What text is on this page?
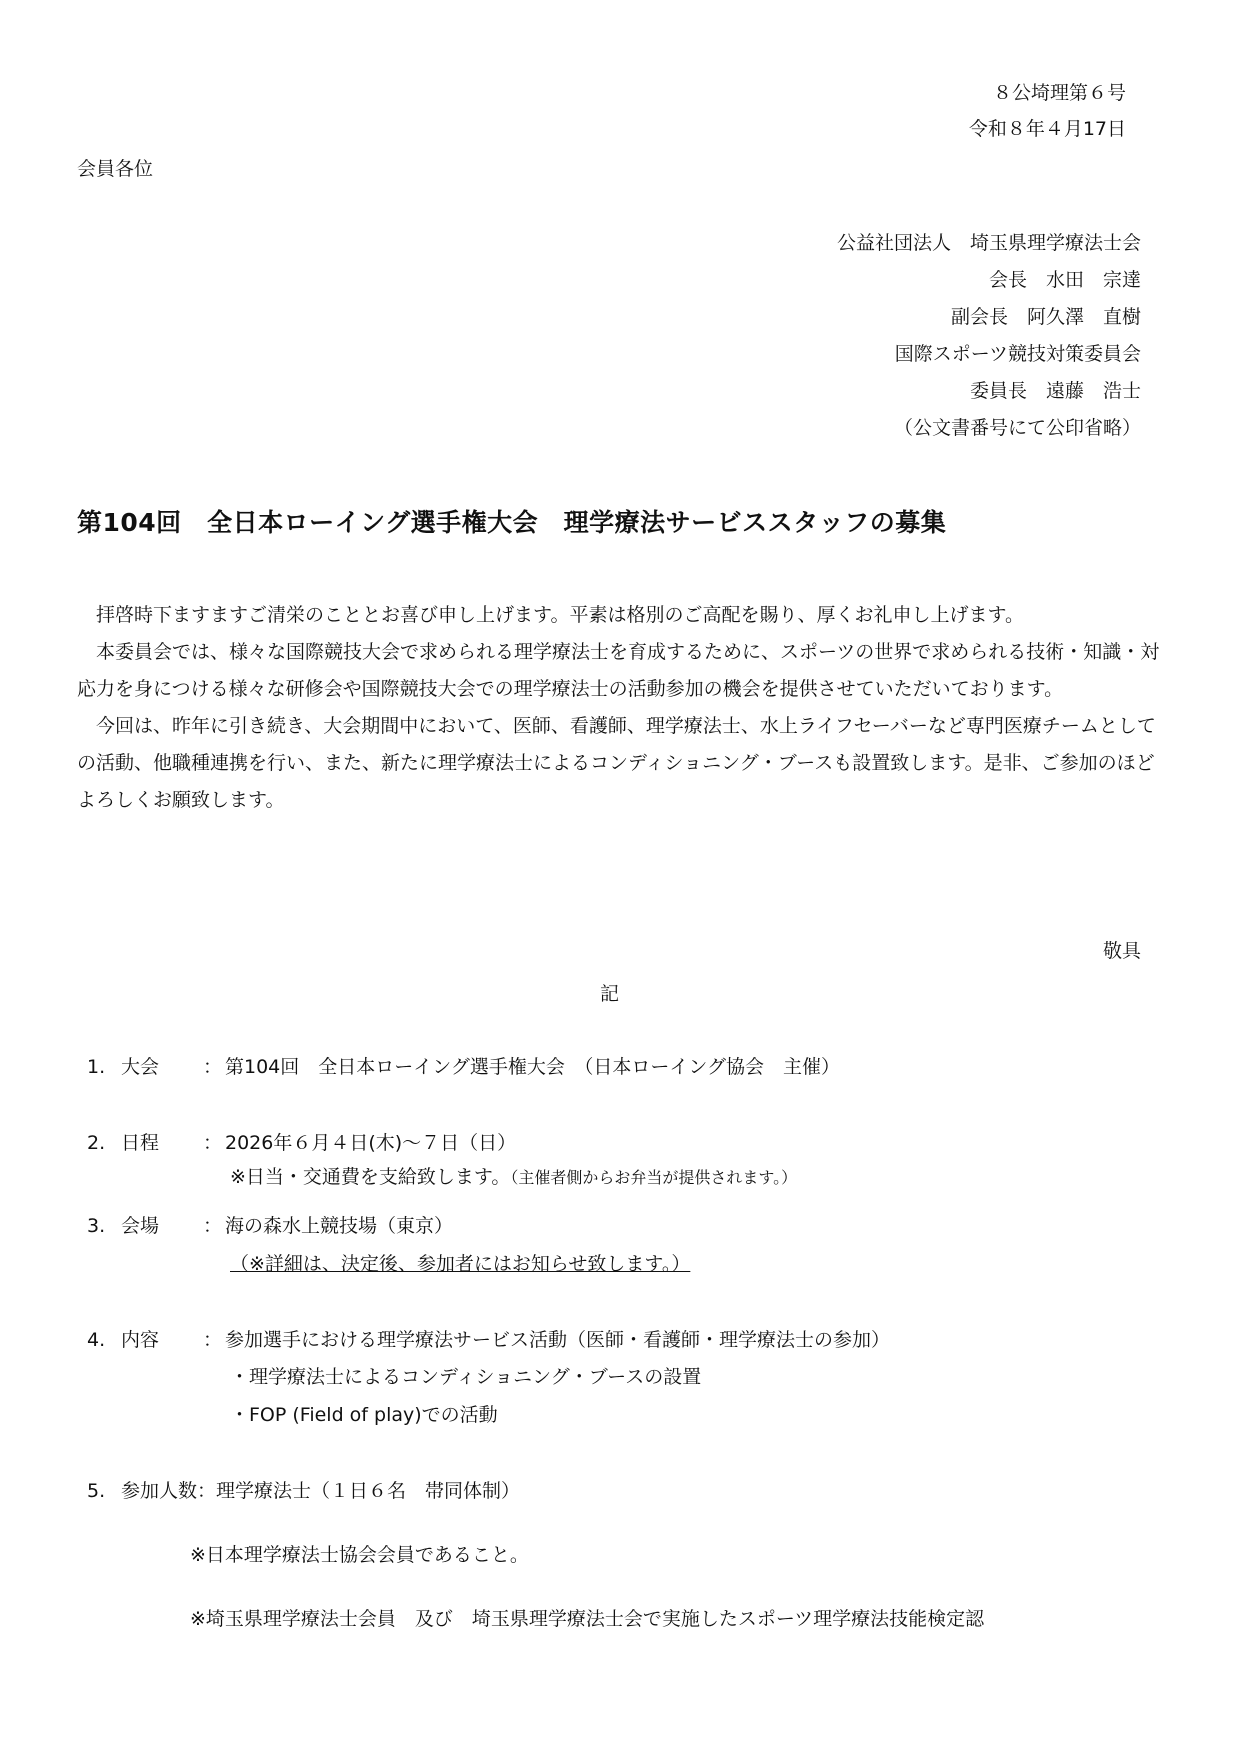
８公埼理第６号
令和８年４月17日
会員各位
公益社団法人　埼玉県理学療法士会
会長　水田　宗達
副会長　阿久澤　直樹
国際スポーツ競技対策委員会
委員長　遠藤　浩士
（公文書番号にて公印省略）
第104回　全日本ローイング選手権大会　理学療法サービススタッフの募集

　拝啓時下ますますご清栄のこととお喜び申し上げます。平素は格別のご高配を賜り、厚くお礼申し上げます。

　本委員会では、様々な国際競技大会で求められる理学療法士を育成するために、スポーツの世界で求められる技術・知識・対応力を身につける様々な研修会や国際競技大会での理学療法士の活動参加の機会を提供させていただいております。

　今回は、昨年に引き続き、大会期間中において、医師、看護師、理学療法士、水上ライフセーバーなど専門医療チームとしての活動、他職種連携を行い、また、新たに理学療法士によるコンディショニング・ブースも設置致します。是非、ご参加のほどよろしくお願致します。

敬具
記
1. 大会 ： 第104回　全日本ローイング選手権大会　（日本ローイング協会　主催）
2. 日程 ： 2026年６月４日(木)～７日（日）
※日当・交通費を支給致します。（主催者側からお弁当が提供されます。）
3. 会場 ： 海の森水上競技場（東京）
（※詳細は、決定後、参加者にはお知らせ致します。）
4. 内容 ： 参加選手における理学療法サービス活動（医師・看護師・理学療法士の参加）
・理学療法士によるコンディショニング・ブースの設置
・FOP (Field of play)での活動
5. 参加人数：理学療法士（１日６名　帯同体制）
※日本理学療法士協会会員であること。
※埼玉県理学療法士会員　及び　埼玉県理学療法士会で実施したスポーツ理学療法技能検定認
